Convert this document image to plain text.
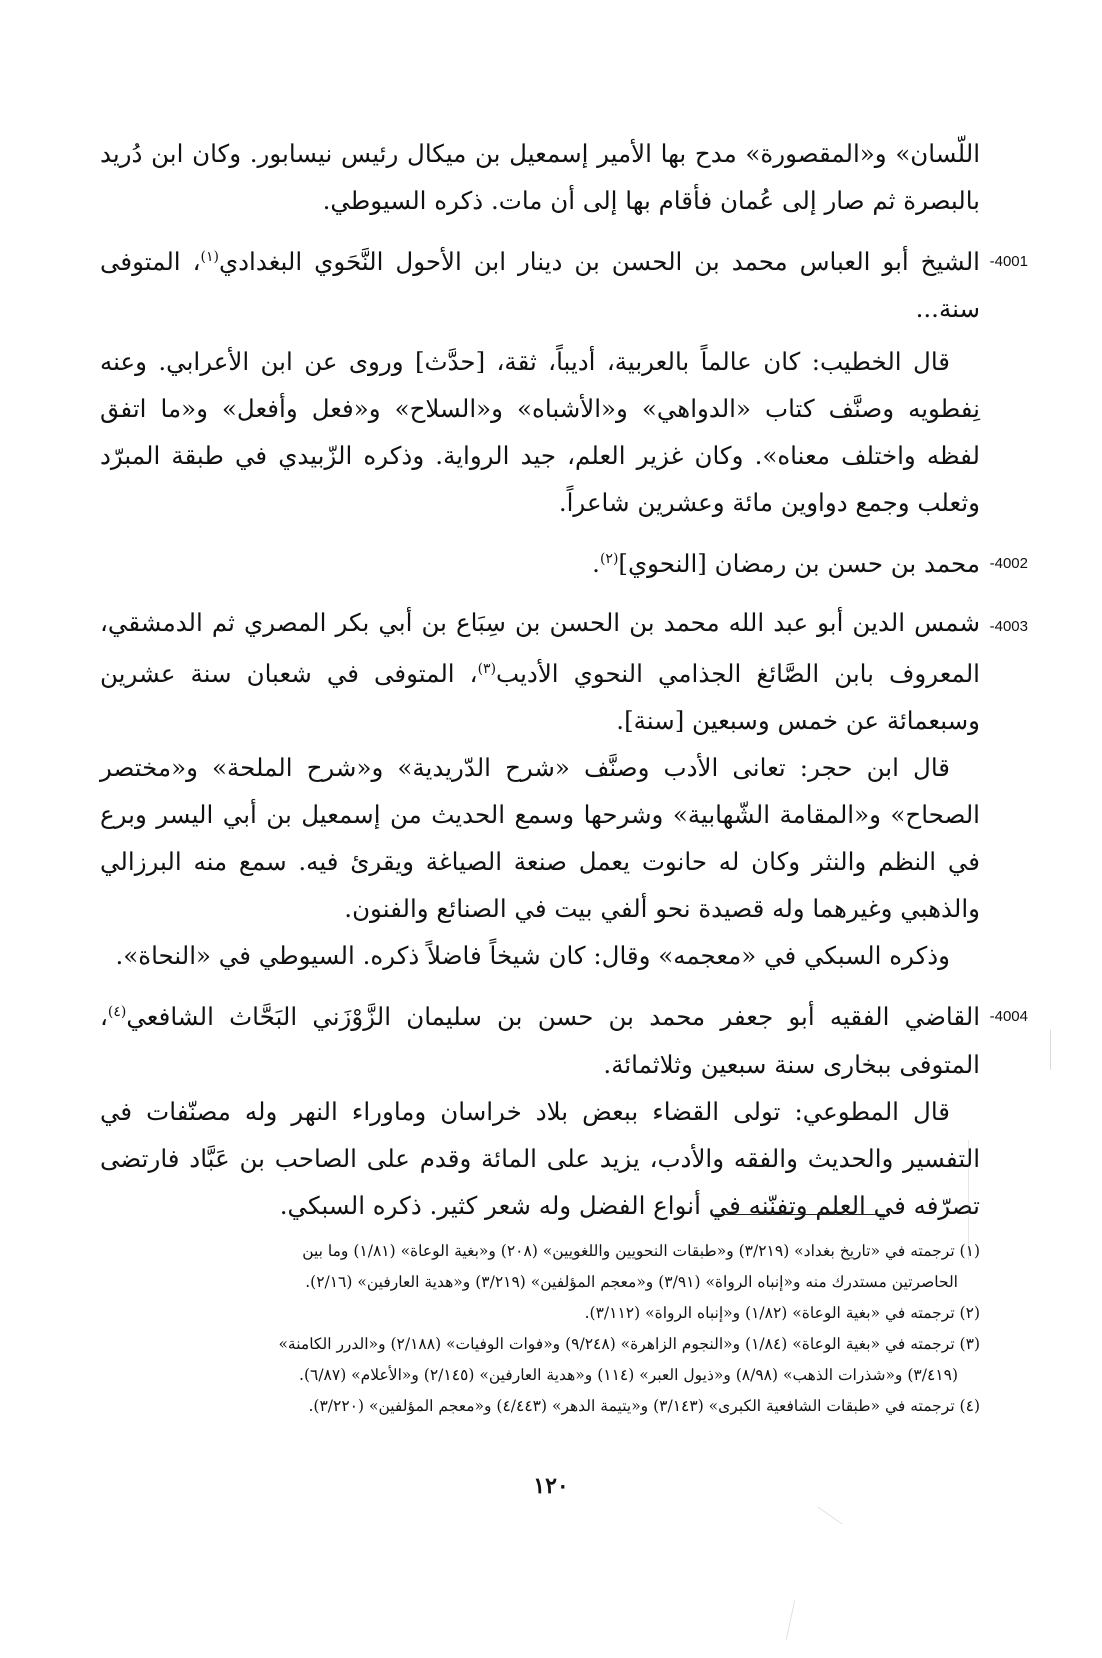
اللّسان» و«المقصورة» مدح بها الأمير إسمعيل بن ميكال رئيس نيسابور. وكان ابن دُريد بالبصرة ثم صار إلى عُمان فأقام بها إلى أن مات. ذكره السيوطي.

-4001

الشيخ أبو العباس محمد بن الحسن بن دينار ابن الأحول النَّحَوي البغدادي$^{(١)}$، المتوفى سنة...

قال الخطيب: كان عالماً بالعربية، أديباً، ثقة، [حدَّث] وروى عن ابن الأعرابي. وعنه نِفطويه وصنَّف كتاب «الدواهي» و«الأشباه» و«السلاح» و«فعل وأفعل» و«ما اتفق لفظه واختلف معناه». وكان غزير العلم، جيد الرواية. وذكره الزّبيدي في طبقة المبرّد وثعلب وجمع دواوين مائة وعشرين شاعراً.

-4002

محمد بن حسن بن رمضان [النحوي]$^{(٢)}$.

-4003

شمس الدين أبو عبد الله محمد بن الحسن بن سِبَاع بن أبي بكر المصري ثم الدمشقي، المعروف بابن الصَّائغ الجذامي النحوي الأديب$^{(٣)}$، المتوفى في شعبان سنة عشرين وسبعمائة عن خمس وسبعين [سنة].

قال ابن حجر: تعانى الأدب وصنَّف «شرح الدّريدية» و«شرح الملحة» و«مختصر الصحاح» و«المقامة الشّهابية» وشرحها وسمع الحديث من إسمعيل بن أبي اليسر وبرع في النظم والنثر وكان له حانوت يعمل صنعة الصياغة ويقرئ فيه. سمع منه البرزالي والذهبي وغيرهما وله قصيدة نحو ألفي بيت في الصنائع والفنون.

وذكره السبكي في «معجمه» وقال: كان شيخاً فاضلاً ذكره. السيوطي في «النحاة».

-4004

القاضي الفقيه أبو جعفر محمد بن حسن بن سليمان الزَّوْزَني البَحَّاث الشافعي$^{(٤)}$، المتوفى ببخارى سنة سبعين وثلاثمائة.

قال المطوعي: تولى القضاء ببعض بلاد خراسان وماوراء النهر وله مصنّفات في التفسير والحديث والفقه والأدب، يزيد على المائة وقدم على الصاحب بن عَبَّاد فارتضى تصرّفه في العلم وتفنّنه في أنواع الفضل وله شعر كثير. ذكره السبكي.

(١) ترجمته في «تاريخ بغداد» (٣/٢١٩) و«طبقات النحويين واللغويين» (٢٠٨) و«بغية الوعاة» (١/٨١) وما بين

الحاصرتين مستدرك منه و«إنباه الرواة» (٣/٩١) و«معجم المؤلفين» (٣/٢١٩) و«هدية العارفين» (٢/١٦).

(٢) ترجمته في «بغية الوعاة» (١/٨٢) و«إنباه الرواة» (٣/١١٢).

(٣) ترجمته في «بغية الوعاة» (١/٨٤) و«النجوم الزاهرة» (٩/٢٤٨) و«فوات الوفيات» (٢/١٨٨) و«الدرر الكامنة»

(٣/٤١٩) و«شذرات الذهب» (٨/٩٨) و«ذيول العبر» (١١٤) و«هدية العارفين» (٢/١٤٥) و«الأعلام» (٦/٨٧).

(٤) ترجمته في «طبقات الشافعية الكبرى» (٣/١٤٣) و«يتيمة الدهر» (٤/٤٤٣) و«معجم المؤلفين» (٣/٢٢٠).

١٢٠
